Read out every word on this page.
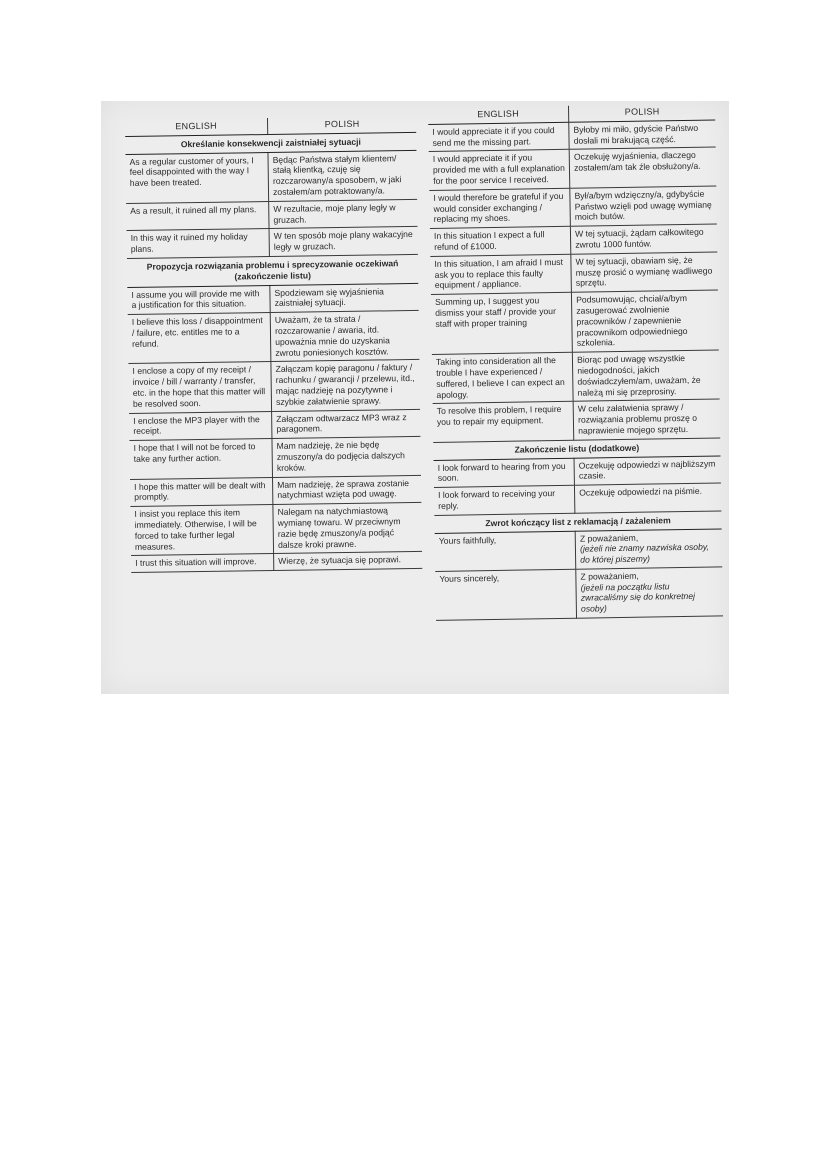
ENGLISH	POLISH
Określanie konsekwencji zaistniałej sytuacji	
As a regular customer of yours, I feel disappointed with the way I have been treated.	Będąc Państwa stałym klientem/ stałą klientką, czuję się rozczarowany/a sposobem, w jaki zostałem/am potraktowany/a.
As a result, it ruined all my plans.	W rezultacie, moje plany legły w gruzach.
In this way it ruined my holiday plans.	W ten sposób moje plany wakacyjne legły w gruzach.
Propozycja rozwiązania problemu i sprecyzowanie oczekiwań (zakończenie listu)	
I assume you will provide me with a justification for this situation.	Spodziewam się wyjaśnienia zaistniałej sytuacji.
I believe this loss / disappointment / failure, etc. entitles me to a refund.	Uważam, że ta strata / rozczarowanie / awaria, itd. upoważnia mnie do uzyskania zwrotu poniesionych kosztów.
I enclose a copy of my receipt / invoice / bill / warranty / transfer, etc. in the hope that this matter will be resolved soon.	Załączam kopię paragonu / faktury / rachunku / gwarancji / przelewu, itd., mając nadzieję na pozytywne i szybkie załatwienie sprawy.
I enclose the MP3 player with the receipt.	Załączam odtwarzacz MP3 wraz z paragonem.
I hope that I will not be forced to take any further action.	Mam nadzieję, że nie będę zmuszony/a do podjęcia dalszych kroków.
I hope this matter will be dealt with promptly.	Mam nadzieję, że sprawa zostanie natychmiast wzięta pod uwagę.
I insist you replace this item immediately. Otherwise, I will be forced to take further legal measures.	Nalegam na natychmiastową wymianę towaru. W przeciwnym razie będę zmuszony/a podjąć dalsze kroki prawne.
I trust this situation will improve.	Wierzę, że sytuacja się poprawi.
ENGLISH	POLISH
I would appreciate it if you could send me the missing part.	Byłoby mi miło, gdyście Państwo dosłali mi brakującą część.
I would appreciate it if you provided me with a full explanation for the poor service I received.	Oczekuję wyjaśnienia, dlaczego zostałem/am tak źle obsłużony/a.
I would therefore be grateful if you would consider exchanging / replacing my shoes.	Był/a/bym wdzięczny/a, gdybyście Państwo wzięli pod uwagę wymianę moich butów.
In this situation I expect a full refund of £1000.	W tej sytuacji, żądam całkowitego zwrotu 1000 funtów.
In this situation, I am afraid I must ask you to replace this faulty equipment / appliance.	W tej sytuacji, obawiam się, że muszę prosić o wymianę wadliwego sprzętu.
Summing up, I suggest you dismiss your staff / provide your staff with proper training	Podsumowując, chciał/a/bym zasugerować zwolnienie pracowników / zapewnienie pracownikom odpowiedniego szkolenia.
Taking into consideration all the trouble I have experienced / suffered, I believe I can expect an apology.	Biorąc pod uwagę wszystkie niedogodności, jakich doświadczyłem/am, uważam, że należą mi się przeprosiny.
To resolve this problem, I require you to repair my equipment.	W celu załatwienia sprawy / rozwiązania problemu proszę o naprawienie mojego sprzętu.
Zakończenie listu (dodatkowe)	
I look forward to hearing from you soon.	Oczekuję odpowiedzi w najbliższym czasie.
I look forward to receiving your reply.	Oczekuję odpowiedzi na piśmie.
Zwrot kończący list z reklamacją / zażaleniem	
Yours faithfully,	Z poważaniem,
(jeżeli nie znamy nazwiska osoby, do której piszemy)
Yours sincerely,	Z poważaniem,
(jeżeli na początku listu zwracaliśmy się do konkretnej osoby)
